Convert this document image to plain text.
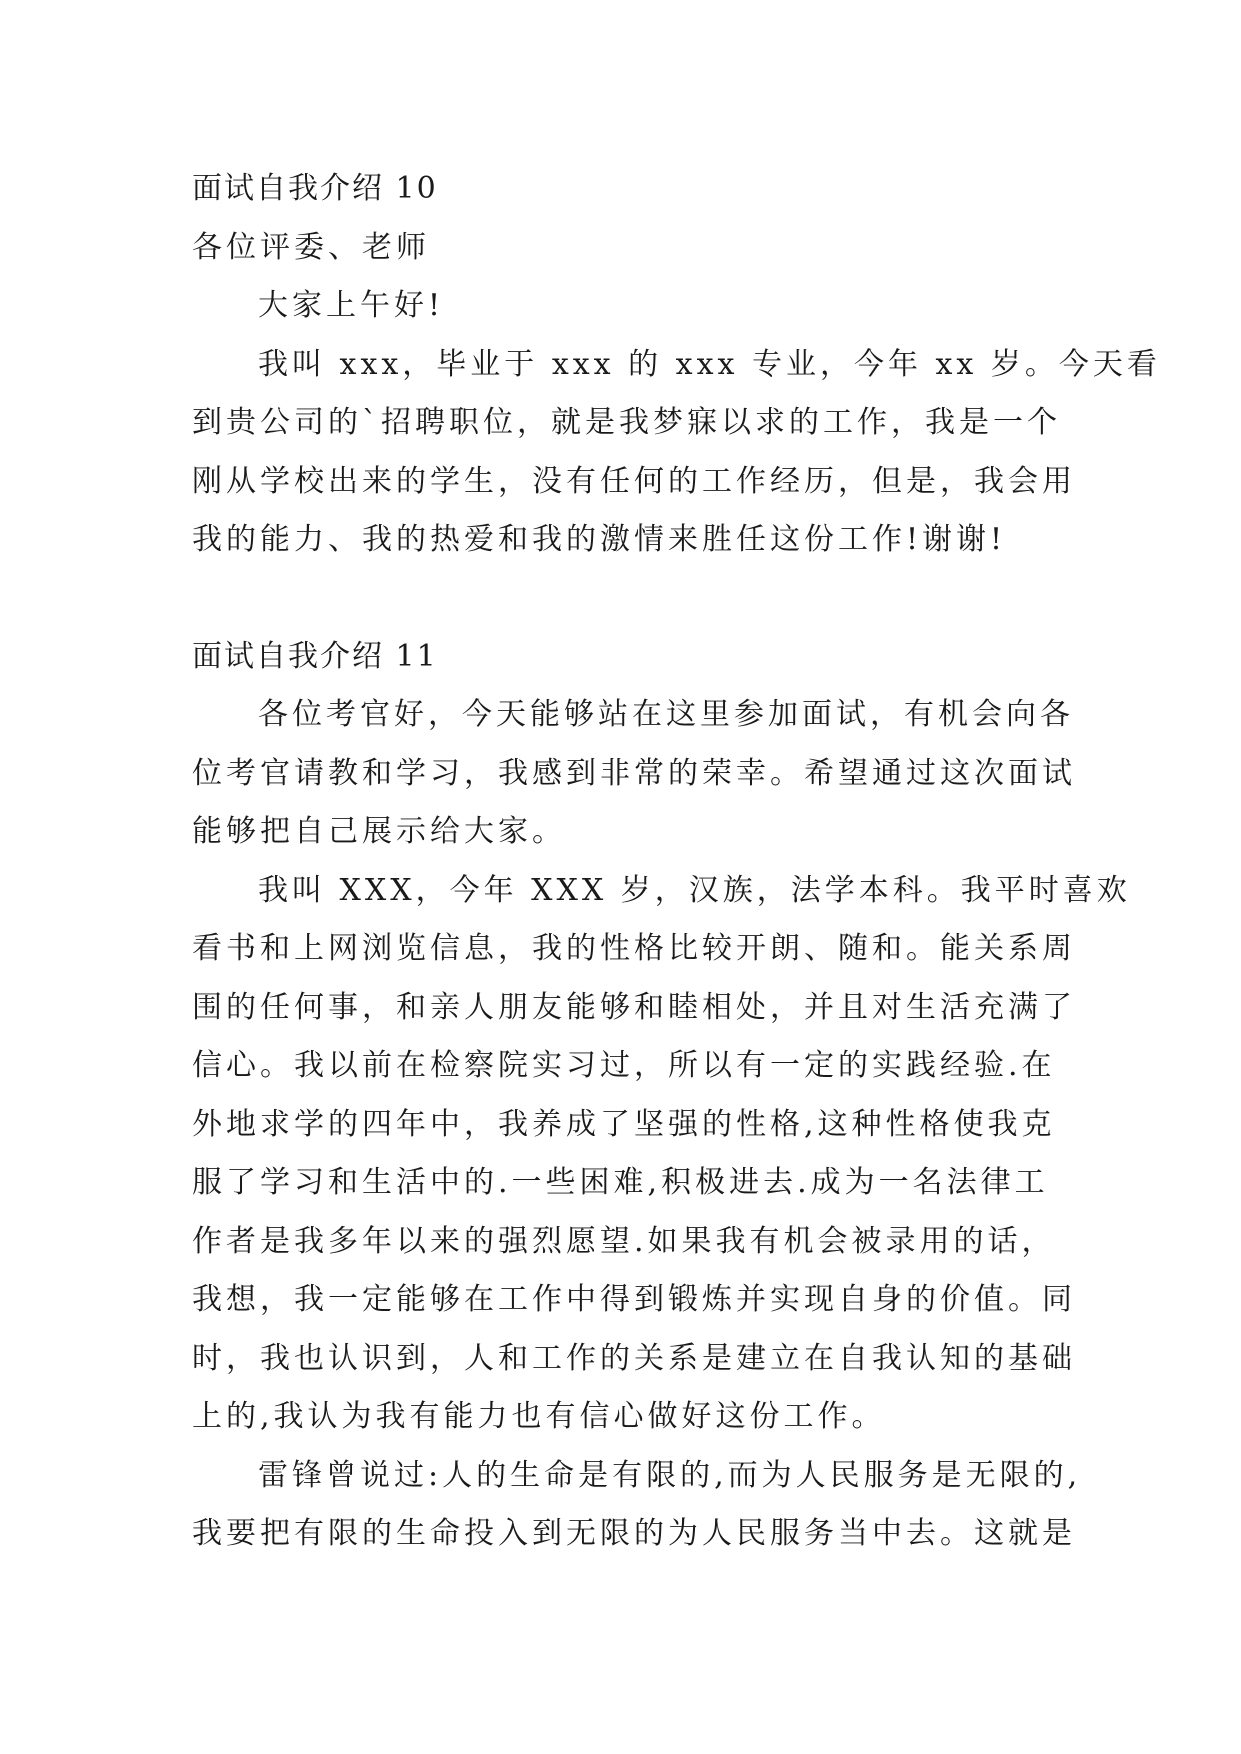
面试自我介绍 10
各位评委、老师
大家上午好!
我叫 xxx，毕业于 xxx 的 xxx 专业，今年 xx 岁。今天看
到贵公司的`招聘职位，就是我梦寐以求的工作，我是一个
刚从学校出来的学生，没有任何的工作经历，但是，我会用
我的能力、我的热爱和我的激情来胜任这份工作!谢谢!
面试自我介绍 11
各位考官好，今天能够站在这里参加面试，有机会向各
位考官请教和学习，我感到非常的荣幸。希望通过这次面试
能够把自己展示给大家。
我叫 XXX，今年 XXX 岁，汉族，法学本科。我平时喜欢
看书和上网浏览信息，我的性格比较开朗、随和。能关系周
围的任何事，和亲人朋友能够和睦相处，并且对生活充满了
信心。我以前在检察院实习过，所以有一定的实践经验.在
外地求学的四年中，我养成了坚强的性格,这种性格使我克
服了学习和生活中的.一些困难,积极进去.成为一名法律工
作者是我多年以来的强烈愿望.如果我有机会被录用的话，
我想，我一定能够在工作中得到锻炼并实现自身的价值。同
时，我也认识到，人和工作的关系是建立在自我认知的基础
上的,我认为我有能力也有信心做好这份工作。
雷锋曾说过:人的生命是有限的,而为人民服务是无限的,
我要把有限的生命投入到无限的为人民服务当中去。这就是
